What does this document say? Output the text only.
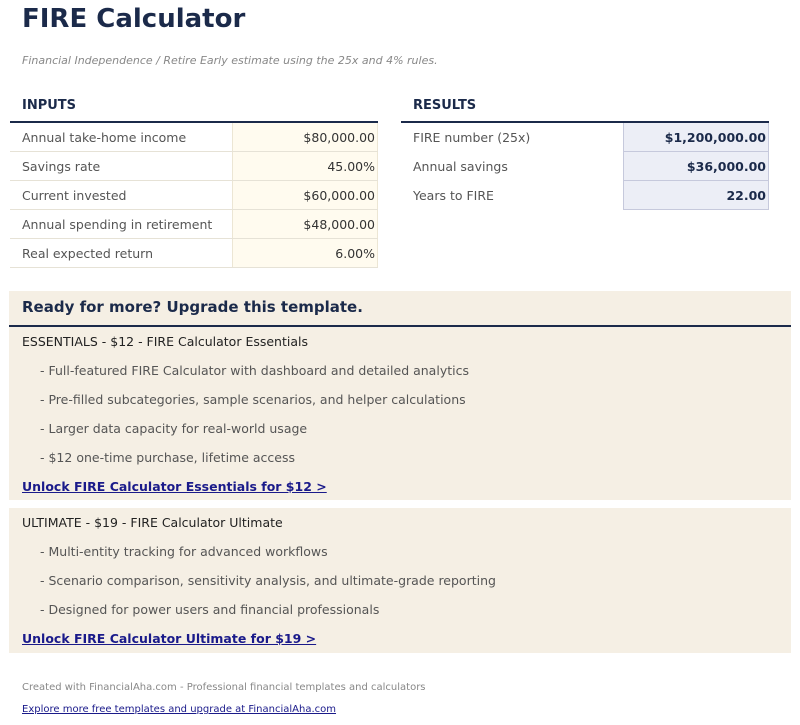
FIRE Calculator
Financial Independence / Retire Early estimate using the 25x and 4% rules.
INPUTS
Annual take-home income	$80,000.00
Savings rate	45.00%
Current invested	$60,000.00
Annual spending in retirement	$48,000.00
Real expected return	6.00%
RESULTS
FIRE number (25x)	$1,200,000.00
Annual savings	$36,000.00
Years to FIRE	22.00
Ready for more? Upgrade this template.
ESSENTIALS - $12 - FIRE Calculator Essentials
- Full-featured FIRE Calculator with dashboard and detailed analytics
- Pre-filled subcategories, sample scenarios, and helper calculations
- Larger data capacity for real-world usage
- $12 one-time purchase, lifetime access
Unlock FIRE Calculator Essentials for $12 >
ULTIMATE - $19 - FIRE Calculator Ultimate
- Multi-entity tracking for advanced workflows
- Scenario comparison, sensitivity analysis, and ultimate-grade reporting
- Designed for power users and financial professionals
Unlock FIRE Calculator Ultimate for $19 >
Created with FinancialAha.com - Professional financial templates and calculators
Explore more free templates and upgrade at FinancialAha.com
